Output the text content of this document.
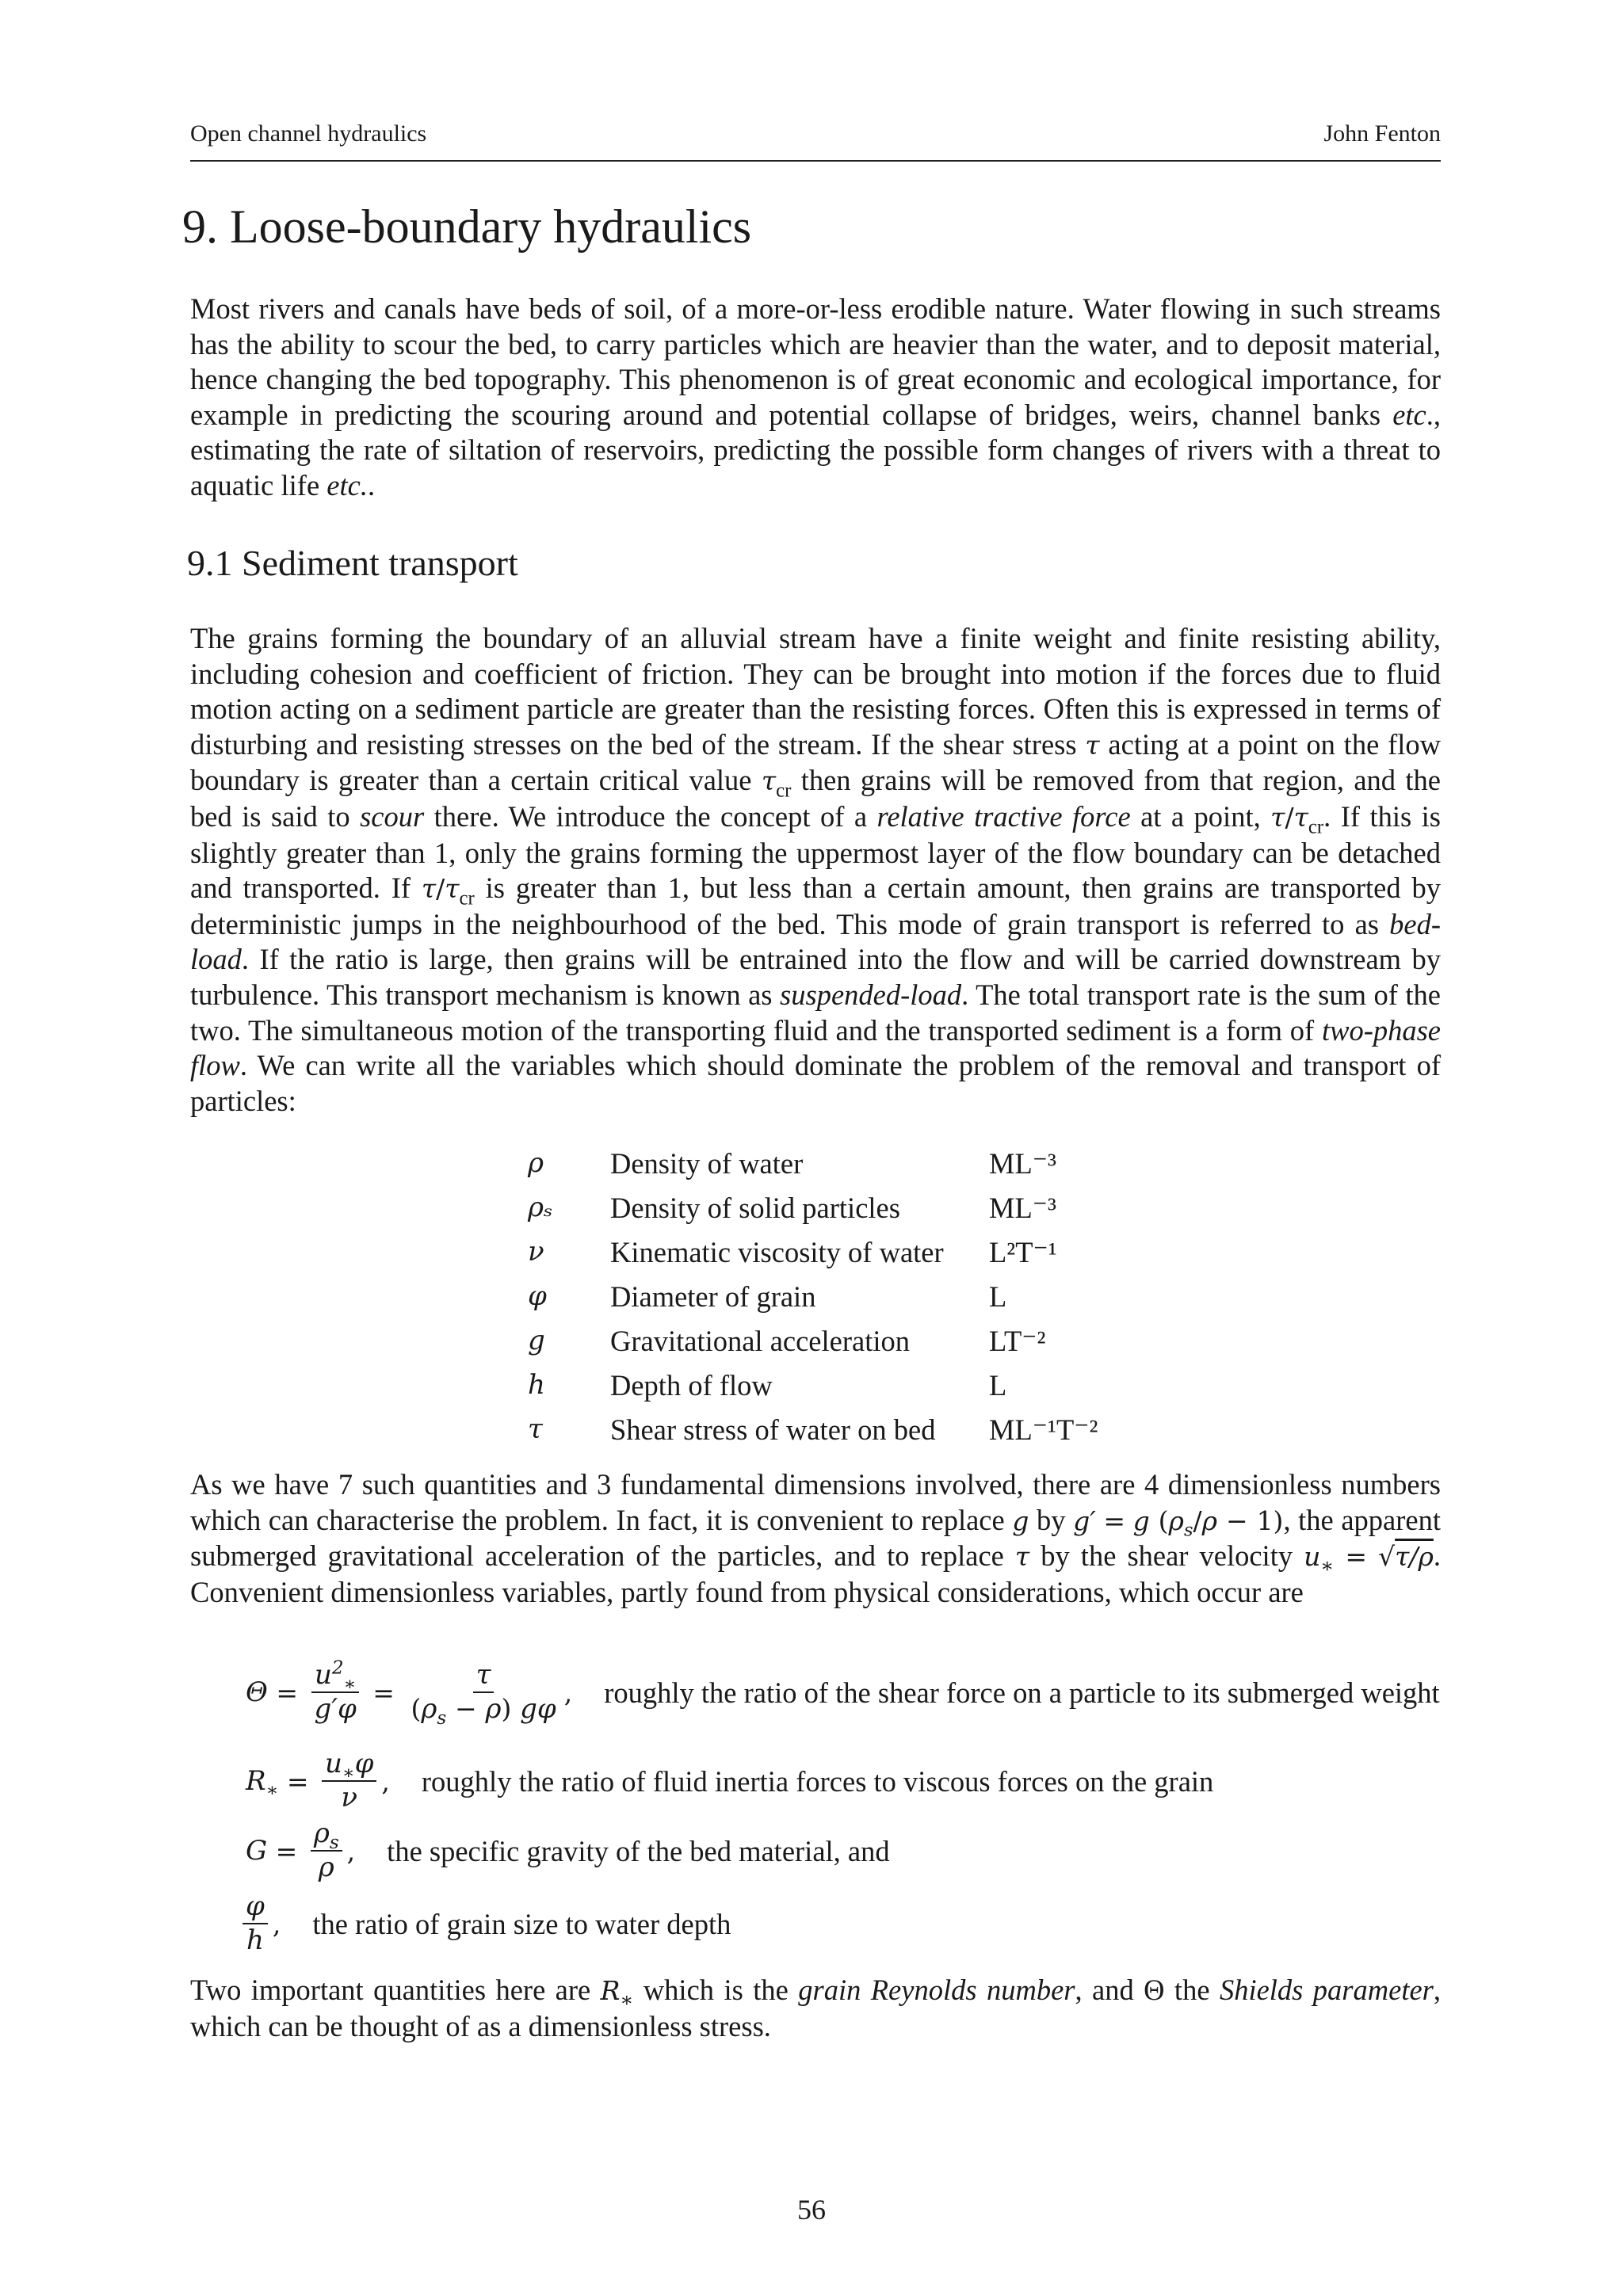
Open channel hydraulics	John Fenton
9. Loose-boundary hydraulics

Most rivers and canals have beds of soil, of a more-or-less erodible nature. Water flowing in such streams has the ability to scour the bed, to carry particles which are heavier than the water, and to deposit material, hence changing the bed topography. This phenomenon is of great economic and ecological importance, for example in predicting the scouring around and potential collapse of bridges, weirs, channel banks etc., estimating the rate of siltation of reservoirs, predicting the possible form changes of rivers with a threat to aquatic life etc..

9.1 Sediment transport

The grains forming the boundary of an alluvial stream have a finite weight and finite resisting ability, including cohesion and coefficient of friction. They can be brought into motion if the forces due to fluid motion acting on a sediment particle are greater than the resisting forces. Often this is expressed in terms of disturbing and resisting stresses on the bed of the stream. If the shear stress τ acting at a point on the flow boundary is greater than a certain critical value $\tau_{cr}$ then grains will be removed from that region, and the bed is said to scour there. We introduce the concept of a relative tractive force at a point, $\tau/\tau_{cr}$. If this is slightly greater than 1, only the grains forming the uppermost layer of the flow boundary can be detached and transported. If $\tau/\tau_{cr}$ is greater than 1, but less than a certain amount, then grains are transported by deterministic jumps in the neighbourhood of the bed. This mode of grain transport is referred to as bed-load. If the ratio is large, then grains will be entrained into the flow and will be carried downstream by turbulence. This transport mechanism is known as suspended-load. The total transport rate is the sum of the two. The simultaneous motion of the transporting fluid and the transported sediment is a form of two-phase flow. We can write all the variables which should dominate the problem of the removal and transport of particles:

ρ	Density of water	ML⁻³
ρₛ	Density of solid particles	ML⁻³
ν	Kinematic viscosity of water	L²T⁻¹
φ	Diameter of grain	L
g	Gravitational acceleration	LT⁻²
h	Depth of flow	L
τ	Shear stress of water on bed	ML⁻¹T⁻²

As we have 7 such quantities and 3 fundamental dimensions involved, there are 4 dimensionless numbers which can characterise the problem. In fact, it is convenient to replace g by g′ = g $(\rho_s/\rho - 1)$, the apparent submerged gravitational acceleration of the particles, and to replace τ by the shear velocity $u_∗ = √\tau/\rho$. Convenient dimensionless variables, partly found from physical considerations, which occur are

$\Theta = \frac{u^2_∗}{g'\varphi} = \frac{\tau}{(\rho_s - \rho) g\varphi}$ , roughly the ratio of the shear force on a particle to its submerged weight
$R_∗ = \frac{u_∗\varphi}{\nu}$ , roughly the ratio of fluid inertia forces to viscous forces on the grain
$G = \frac{\rho_s}{\rho}$ , the specific gravity of the bed material, and
$\frac{\varphi}{h}$ , the ratio of grain size to water depth

Two important quantities here are $R_∗$ which is the grain Reynolds number, and Θ the Shields parameter, which can be thought of as a dimensionless stress.

56
